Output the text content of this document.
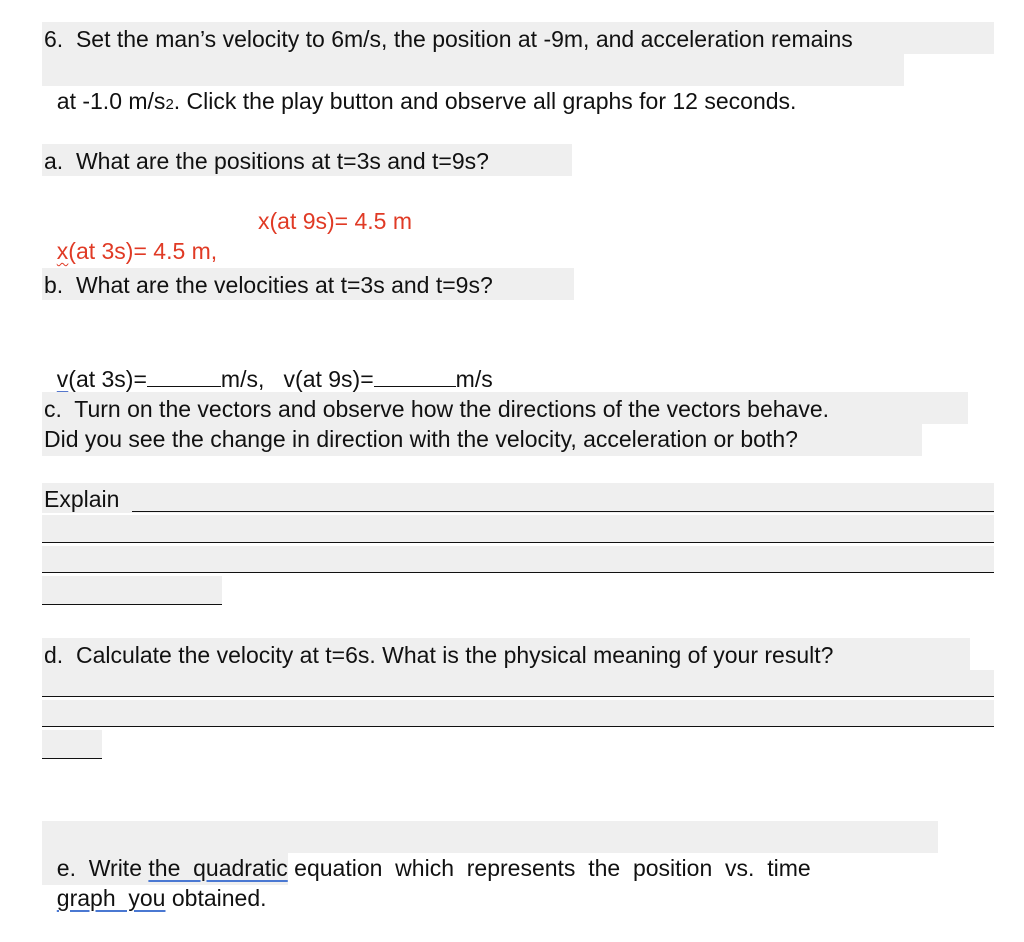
6.  Set the man’s velocity to 6m/s, the position at -9m, and acceleration remains

at -1.0 m/s2. Click the play button and observe all graphs for 12 seconds.

a.  What are the positions at t=3s and t=9s?

x(at 3s)= 4.5 m,

x(at 9s)= 4.5 m
b.  What are the velocities at t=3s and t=9s?

v(at 3s)=	m/s, v(at 9s)=	m/s

c.  Turn on the vectors and observe how the directions of the vectors behave.
Did you see the change in direction with the velocity, acceleration or both?
Explain
d.  Calculate the velocity at t=6s. What is the physical meaning of your result?

e.  Write the  quadratic equation  which  represents  the  position  vs.  time

graph  you obtained.
